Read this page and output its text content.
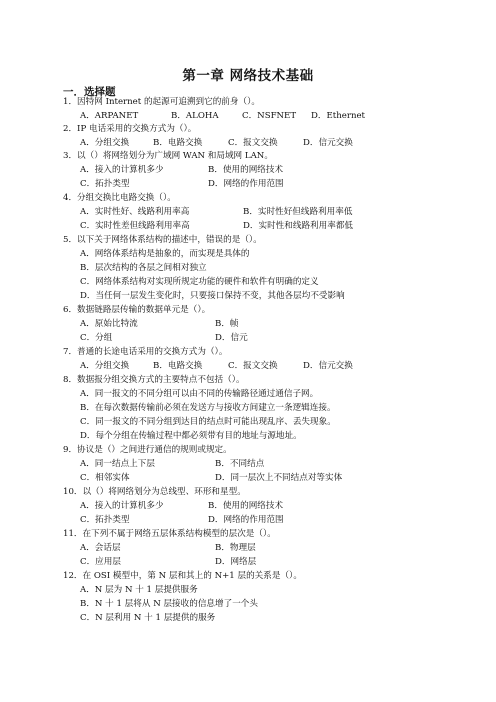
第一章 网络技术基础
一．选择题
1．因特网 Internet 的起源可追溯到它的前身（）。
A．ARPANET	B．ALOHA	C．NSFNET D．Ethernet
2．IP 电话采用的交换方式为（）。
A．分组交换	B．电路交换	C．报文交换	D．信元交换
3．以（）将网络划分为广域网 WAN 和局域网 LAN。
A．接入的计算机多少	B．使用的网络技术
C．拓扑类型	D．网络的作用范围
4．分组交换比电路交换（）。
A．实时性好、线路利用率高	B．实时性好但线路利用率低
C．实时性差但线路利用率高	D．实时性和线路利用率都低
5．以下关于网络体系结构的描述中，错误的是（）。
A．网络体系结构是抽象的，而实现是具体的
B．层次结构的各层之间相对独立
C．网络体系结构对实现所规定功能的硬件和软件有明确的定义
D．当任何一层发生变化时，只要接口保持不变，其他各层均不受影响
6．数据链路层传输的数据单元是（）。
A．原始比特流	B．帧
C．分组	D．信元
7．普通的长途电话采用的交换方式为（）。
A．分组交换	B．电路交换	C．报文交换	D．信元交换
8．数据报分组交换方式的主要特点不包括（）。
A．同一报文的不同分组可以由不同的传输路径通过通信子网。
B．在每次数据传输前必须在发送方与接收方间建立一条逻辑连接。
C．同一报文的不同分组到达目的结点时可能出现乱序、丢失现象。
D．每个分组在传输过程中都必须带有目的地址与源地址。
9．协议是（）之间进行通信的规则或规定。
A．同一结点上下层	B．不同结点
C．相邻实体	D．同一层次上不同结点对等实体
10．以（）将网络划分为总线型、环形和星型。
A．接入的计算机多少	B．使用的网络技术
C．拓扑类型	D．网络的作用范围
11．在下列不属于网络五层体系结构模型的层次是（）。
A．会话层	B．物理层
C．应用层	D．网络层
12．在 OSI 模型中，第 N 层和其上的 N+1 层的关系是（）。
A．N 层为 N 十 1 层提供服务
B．N 十 1 层将从 N 层接收的信息增了一个头
C．N 层利用 N 十 1 层提供的服务
